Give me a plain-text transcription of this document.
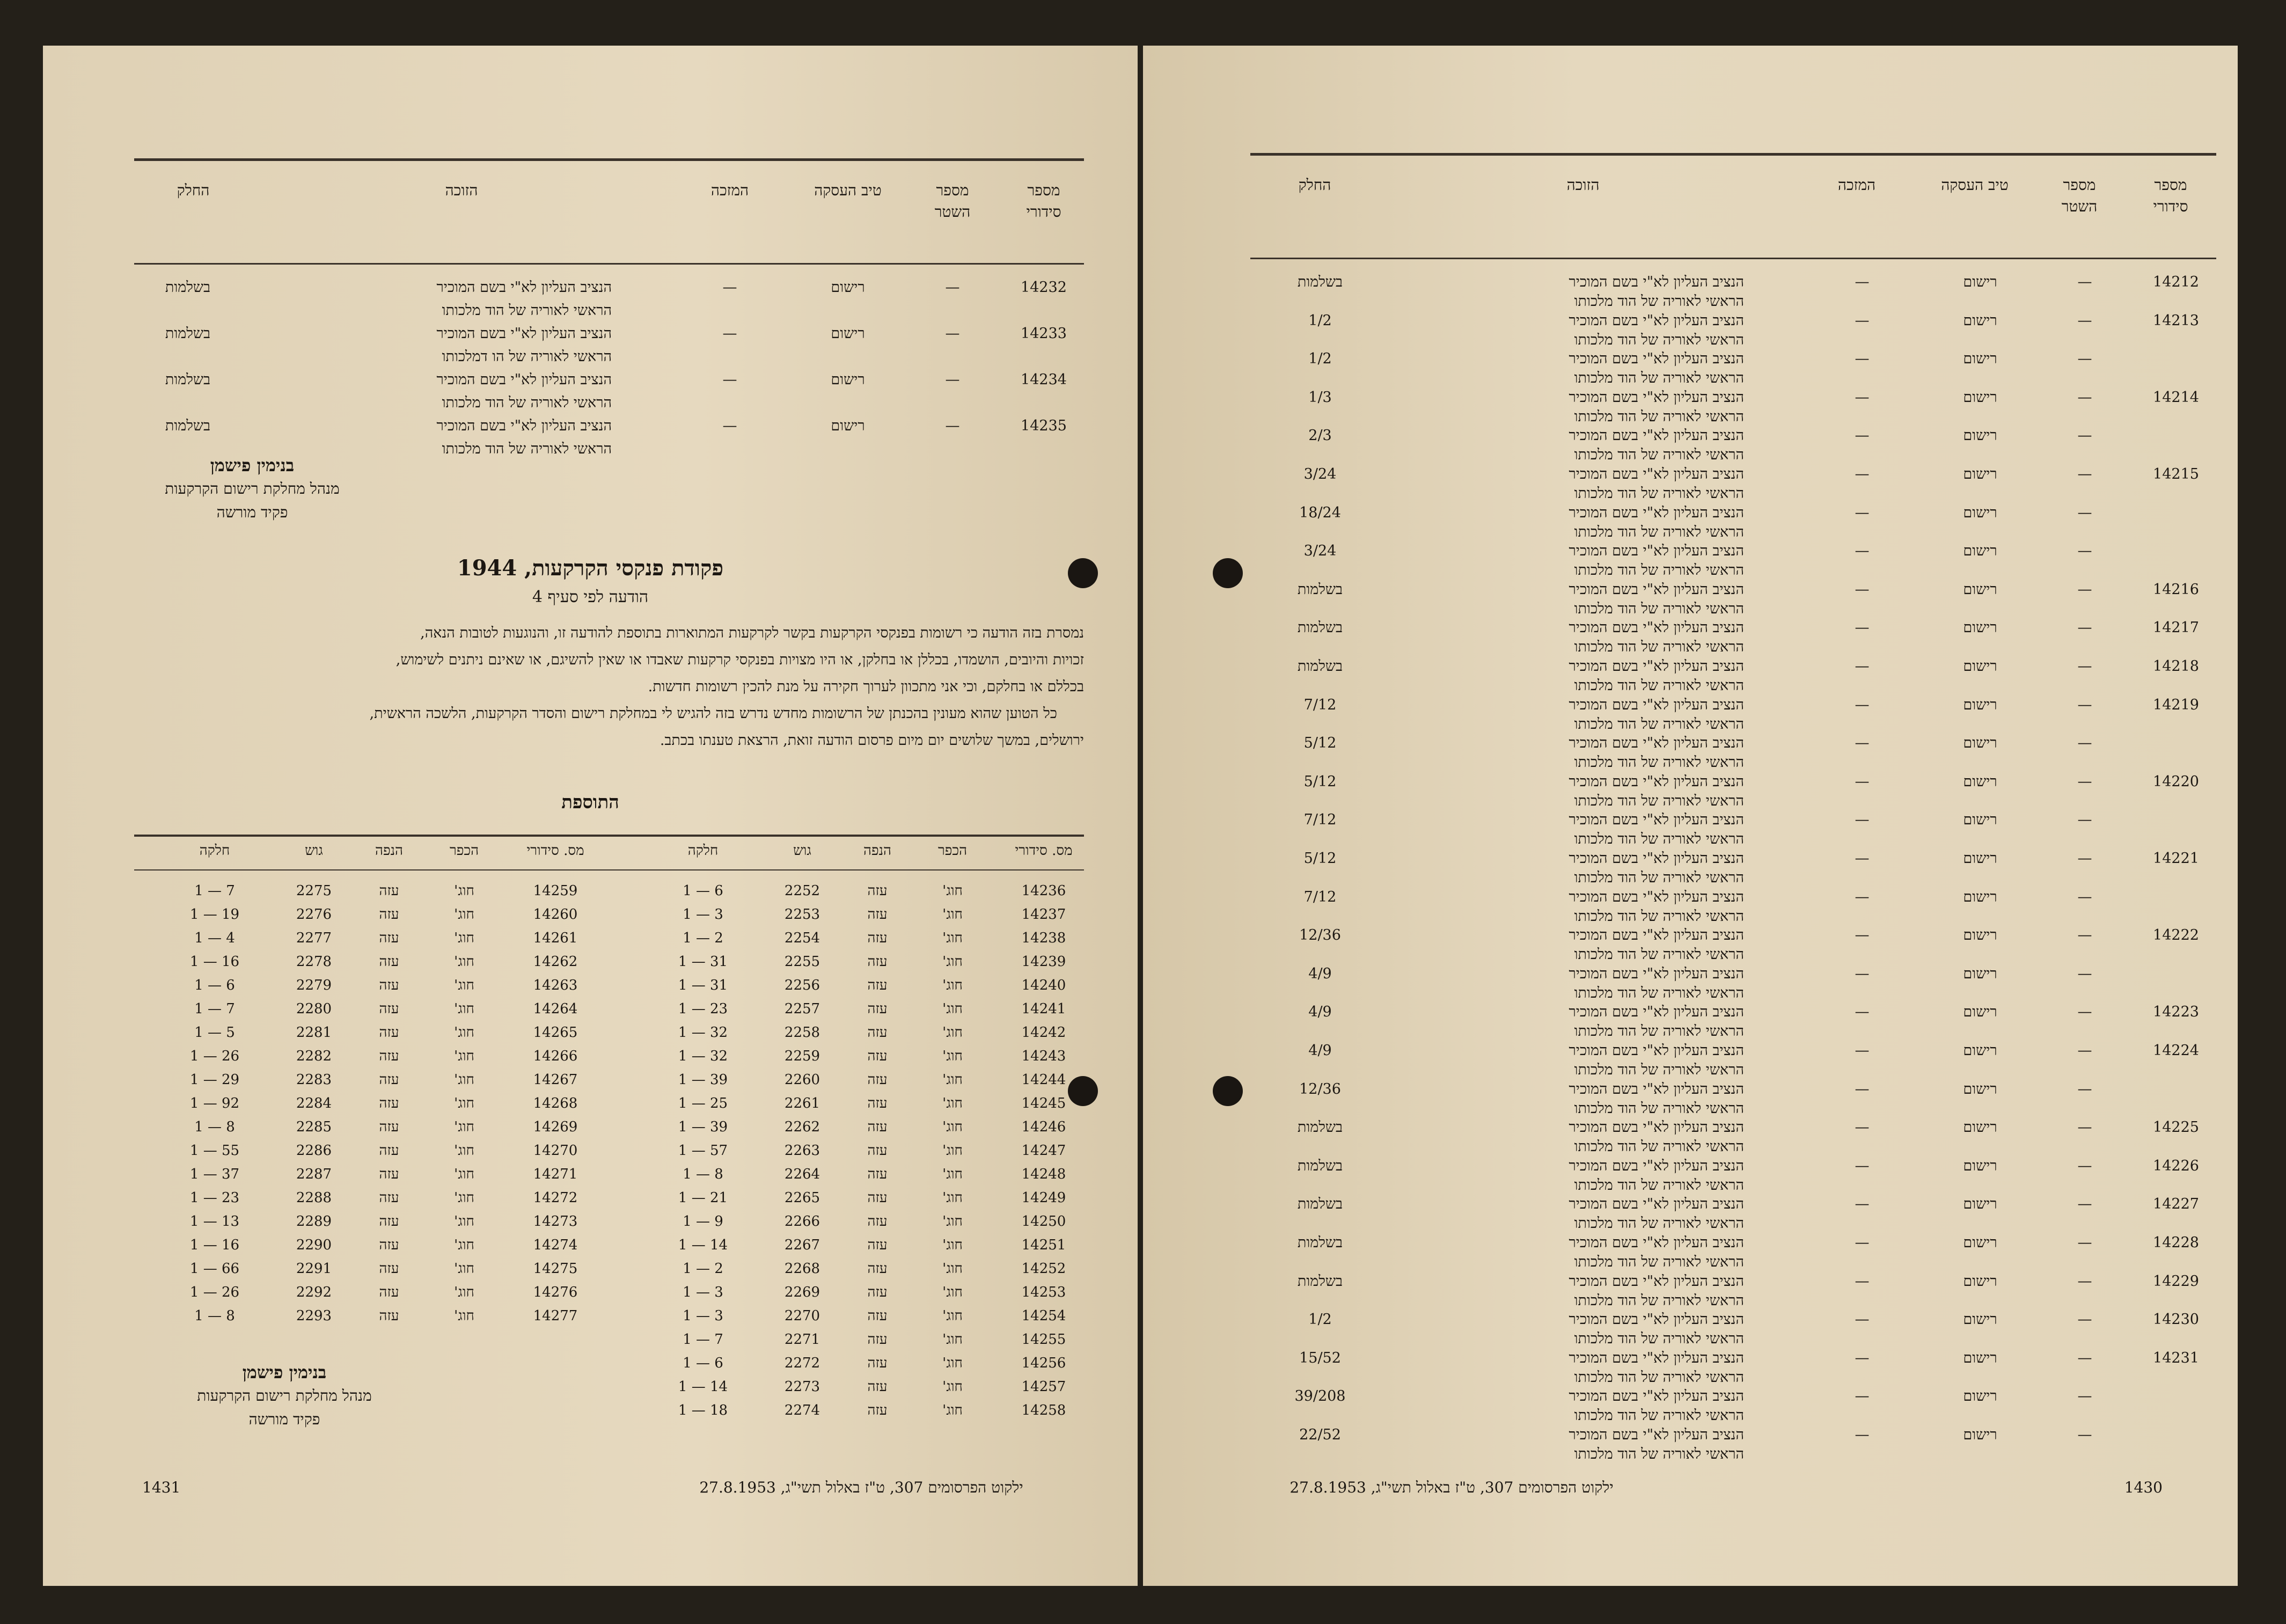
מספר
סידורי
מספר
השטר
טיב העסקה
המזכה
הזוכה
החלק
14232
—
רישום
—
הנציב העליון לא"י בשם המוכיר
הראשי לאוריה של הוד מלכותו
בשלמות
14233
—
רישום
—
הנציב העליון לא"י בשם המוכיר
הראשי לאוריה של הו דמלכותו
בשלמות
14234
—
רישום
—
הנציב העליון לא"י בשם המוכיר
הראשי לאוריה של הוד מלכותו
בשלמות
14235
—
רישום
—
הנציב העליון לא"י בשם המוכיר
הראשי לאוריה של הוד מלכותו
בשלמות
בנימין פישמן
מנהל מחלקת רישום הקרקעות
פקיד מורשה
פקודת פנקסי הקרקעות, 1944
הודעה לפי סעיף 4
נמסרת בזה הודעה כי רשומות בפנקסי הקרקעות בקשר לקרקעות המתוארות בתוספת להודעה זו, והנוגעות לטובות הנאה,
זכויות והיובים, הושמדו, בכללן או בחלקן, או היו מצויות בפנקסי קרקעות שאבדו או שאין להשיגם, או שאינם ניתנים לשימוש,
בכללם או בחלקם, וכי אני מתכוון לערוך חקירה על מנת להכין רשומות חדשות.
כל הטוען שהוא מעונין בהכנתן של הרשומות מחדש נדרש בזה להגיש לי במחלקת רישום והסדר הקרקעות, הלשכה הראשית,
ירושלים, במשך שלושים יום מיום פרסום הודעה זואת, הרצאת טענתו בכתב.
התוספת
מס. סידורי
הכפר
הנפה
גוש
חלקה
14236
חוג'
עזה
2252
6 — 1
14237
חוג'
עזה
2253
3 — 1
14238
חוג'
עזה
2254
2 — 1
14239
חוג'
עזה
2255
31 — 1
14240
חוג'
עזה
2256
31 — 1
14241
חוג'
עזה
2257
23 — 1
14242
חוג'
עזה
2258
32 — 1
14243
חוג'
עזה
2259
32 — 1
14244
חוג'
עזה
2260
39 — 1
14245
חוג'
עזה
2261
25 — 1
14246
חוג'
עזה
2262
39 — 1
14247
חוג'
עזה
2263
57 — 1
14248
חוג'
עזה
2264
8 — 1
14249
חוג'
עזה
2265
21 — 1
14250
חוג'
עזה
2266
9 — 1
14251
חוג'
עזה
2267
14 — 1
14252
חוג'
עזה
2268
2 — 1
14253
חוג'
עזה
2269
3 — 1
14254
חוג'
עזה
2270
3 — 1
14255
חוג'
עזה
2271
7 — 1
14256
חוג'
עזה
2272
6 — 1
14257
חוג'
עזה
2273
14 — 1
14258
חוג'
עזה
2274
18 — 1
מס. סידורי
הכפר
הנפה
גוש
חלקה
14259
חוג'
עזה
2275
7 — 1
14260
חוג'
עזה
2276
19 — 1
14261
חוג'
עזה
2277
4 — 1
14262
חוג'
עזה
2278
16 — 1
14263
חוג'
עזה
2279
6 — 1
14264
חוג'
עזה
2280
7 — 1
14265
חוג'
עזה
2281
5 — 1
14266
חוג'
עזה
2282
26 — 1
14267
חוג'
עזה
2283
29 — 1
14268
חוג'
עזה
2284
92 — 1
14269
חוג'
עזה
2285
8 — 1
14270
חוג'
עזה
2286
55 — 1
14271
חוג'
עזה
2287
37 — 1
14272
חוג'
עזה
2288
23 — 1
14273
חוג'
עזה
2289
13 — 1
14274
חוג'
עזה
2290
16 — 1
14275
חוג'
עזה
2291
66 — 1
14276
חוג'
עזה
2292
26 — 1
14277
חוג'
עזה
2293
8 — 1
בנימין פישמן
מנהל מחלקת רישום הקרקעות
פקיד מורשה
1431	ילקוט הפרסומים 307, ט"ז באלול תשי"ג, 27.8.1953
מספר
סידורי
מספר
השטר
טיב העסקה
המזכה
הזוכה
החלק
14212
—
רישום
—
הנציב העליון לא"י בשם המוכיר
הראשי לאוריה של הוד מלכותו
בשלמות
14213
—
רישום
—
הנציב העליון לא"י בשם המוכיר
הראשי לאוריה של הוד מלכותו
1/2
—
רישום
—
הנציב העליון לא"י בשם המוכיר
הראשי לאוריה של הוד מלכותו
1/2
14214
—
רישום
—
הנציב העליון לא"י בשם המוכיר
הראשי לאוריה של הוד מלכותו
1/3
—
רישום
—
הנציב העליון לא"י בשם המוכיר
הראשי לאוריה של הוד מלכותו
2/3
14215
—
רישום
—
הנציב העליון לא"י בשם המוכיר
הראשי לאוריה של הוד מלכותו
3/24
—
רישום
—
הנציב העליון לא"י בשם המוכיר
הראשי לאוריה של הוד מלכותו
18/24
—
רישום
—
הנציב העליון לא"י בשם המוכיר
הראשי לאוריה של הוד מלכותו
3/24
14216
—
רישום
—
הנציב העליון לא"י בשם המוכיר
הראשי לאוריה של הוד מלכותו
בשלמות
14217
—
רישום
—
הנציב העליון לא"י בשם המוכיר
הראשי לאוריה של הוד מלכותו
בשלמות
14218
—
רישום
—
הנציב העליון לא"י בשם המוכיר
הראשי לאוריה של הוד מלכותו
בשלמות
14219
—
רישום
—
הנציב העליון לא"י בשם המוכיר
הראשי לאוריה של הוד מלכותו
7/12
—
רישום
—
הנציב העליון לא"י בשם המוכיר
הראשי לאוריה של הוד מלכותו
5/12
14220
—
רישום
—
הנציב העליון לא"י בשם המוכיר
הראשי לאוריה של הוד מלכותו
5/12
—
רישום
—
הנציב העליון לא"י בשם המוכיר
הראשי לאוריה של הוד מלכותו
7/12
14221
—
רישום
—
הנציב העליון לא"י בשם המוכיר
הראשי לאוריה של הוד מלכותו
5/12
—
רישום
—
הנציב העליון לא"י בשם המוכיר
הראשי לאוריה של הוד מלכותו
7/12
14222
—
רישום
—
הנציב העליון לא"י בשם המוכיר
הראשי לאוריה של הוד מלכותו
12/36
—
רישום
—
הנציב העליון לא"י בשם המוכיר
הראשי לאוריה של הוד מלכותו
4/9
14223
—
רישום
—
הנציב העליון לא"י בשם המוכיר
הראשי לאוריה של הוד מלכותו
4/9
14224
—
רישום
—
הנציב העליון לא"י בשם המוכיר
הראשי לאוריה של הוד מלכותו
4/9
—
רישום
—
הנציב העליון לא"י בשם המוכיר
הראשי לאוריה של הוד מלכותו
12/36
14225
—
רישום
—
הנציב העליון לא"י בשם המוכיר
הראשי לאוריה של הוד מלכותו
בשלמות
14226
—
רישום
—
הנציב העליון לא"י בשם המוכיר
הראשי לאוריה של הוד מלכותו
בשלמות
14227
—
רישום
—
הנציב העליון לא"י בשם המוכיר
הראשי לאוריה של הוד מלכותו
בשלמות
14228
—
רישום
—
הנציב העליון לא"י בשם המוכיר
הראשי לאוריה של הוד מלכותו
בשלמות
14229
—
רישום
—
הנציב העליון לא"י בשם המוכיר
הראשי לאוריה של הוד מלכותו
בשלמות
14230
—
רישום
—
הנציב העליון לא"י בשם המוכיר
הראשי לאוריה של הוד מלכותו
1/2
14231
—
רישום
—
הנציב העליון לא"י בשם המוכיר
הראשי לאוריה של הוד מלכותו
15/52
—
רישום
—
הנציב העליון לא"י בשם המוכיר
הראשי לאוריה של הוד מלכותו
39/208
—
רישום
—
הנציב העליון לא"י בשם המוכיר
הראשי לאוריה של הוד מלכותו
22/52
1430
ילקוט הפרסומים 307, ט"ז באלול תשי"ג, 27.8.1953
